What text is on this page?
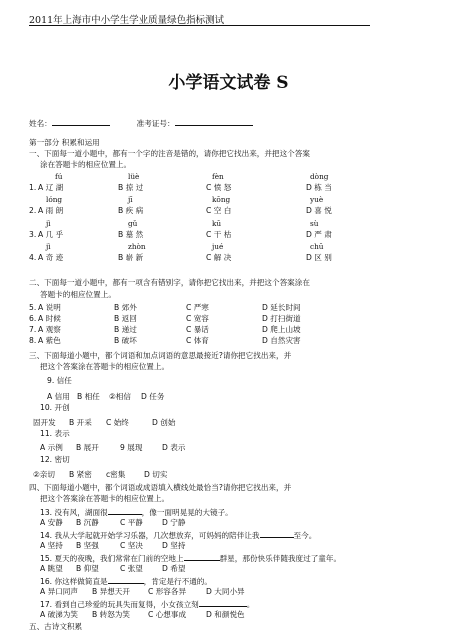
2011年上海市中小学生学业质量绿色指标测试
小学语文试卷 S
姓名：	准考证号：
第一部分 积累和运用
一、下面每一道小题中，都有一个字的注音是错的，请你把它找出来，并把这个答案
涂在答题卡的相应位置上。
fú	lüè	fèn	dòng
1. A 辽 湖	B 掠 过	C 愤 怒	D 栋 当
lóng	jī	kōng	yuè
2. A 雨 朗	B 疾 病	C 空 白	D 喜 悦
jì	gǔ	kū	sù
3. A 几 乎	B 墓 然	C 干 枯	D 严 肃
jì	zhòn	jué	chū
4. A 奇 迹	B 崭 新	C 解 决	D 区 别
二、下面每一道小题中，都有一项含有错别字，请你把它找出来，并把这个答案涂在
答题卡的相应位置上。
5. A 说明	B 郊外	C 严寒	D 延长时间
6. A 时候	B 返回	C 宽容	D 打扫街道
7. A 观察	B 递过	C 暴话	D 爬上山坡
8. A 紫色	B 破坏	C 体育	D 自然灾害
三、下面每道小题中，都个词语和加点词语的意思最接近?请你把它找出来，并
把这个答案涂在答题卡的相应位置上。
9. 信任
A 信用 B 相任 ②相信 D 任务
10. 开创
固开发 B 开采 C 始终	D 创始
11. 表示
A 示例 B 展开	9 展现	D 表示
12. 密切
②亲切 B 紧密 c密集 D 切实
四、下面每道小题中，都个词语或成语填入横线处最恰当?请你把它找出来，并
把这个答案涂在答题卡的相应位置上。
13. 没有风，湖面很	，像一面明晃晃的大镜子。
A 安静 B 沉静	C 平静	D 宁静
14. 我从大学起就开始学习乐器，几次想放弃，可妈妈的陪伴让我	至今。
A 坚持 B 坚强	C 坚决	D 坚持
15. 夏天的夜晚，我们常常在门前的空地上	群星，那份快乐伴随我度过了童年。
A 眺望 B 仰望	C 张望	D 希望
16. 你这样做简直是	，肯定是行不通的。
A 异口同声 B 异想天开 C 形容各异	D 大同小异
17. 看到自己珍爱的玩具失而复得，小女孩立刻	。
A 破涕为笑 B 转怒为笑 C 心想事成	D 和颜悦色
五、古诗文积累
